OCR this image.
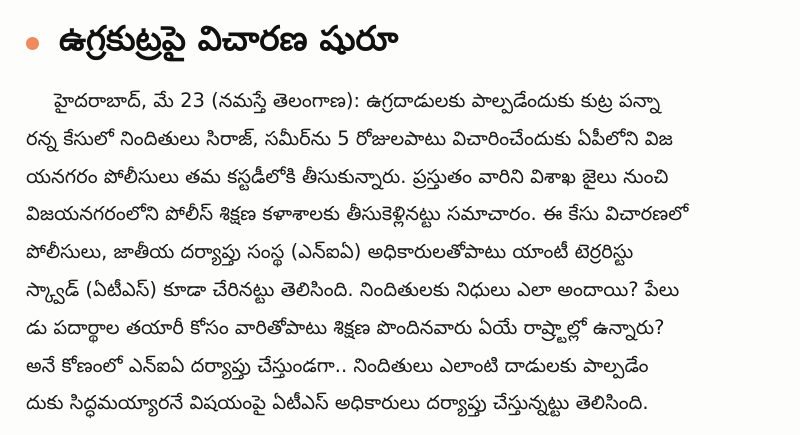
ఉగ్రకుట్రపై విచారణ షురూ
హైదరాబాద్, మే 23 (నమస్తే తెలంగాణ): ఉగ్రదాడులకు పాల్పడేందుకు కుట్ర పన్నా
రన్న కేసులో నిందితులు సిరాజ్, సమీర్‌ను 5 రోజులపాటు విచారించేందుకు ఏపీలోని విజ
యనగరం పోలీసులు తమ కస్టడీలోకి తీసుకున్నారు. ప్రస్తుతం వారిని విశాఖ జైలు నుంచి
విజయనగరంలోని పోలీస్ శిక్షణ కళాశాలకు తీసుకెళ్లినట్టు సమాచారం. ఈ కేసు విచారణలో
పోలీసులు, జాతీయ దర్యాప్తు సంస్థ (ఎన్‌ఐఏ) అధికారులతోపాటు యాంటీ టెర్రరిస్టు
స్క్వాడ్ (ఏటీఎస్) కూడా చేరినట్టు తెలిసింది. నిందితులకు నిధులు ఎలా అందాయి? పేలు
డు పదార్థాల తయారీ కోసం వారితోపాటు శిక్షణ పొందినవారు ఏయే రాష్ర్టాల్లో ఉన్నారు?
అనే కోణంలో ఎన్‌ఐఏ దర్యాప్తు చేస్తుండగా.. నిందితులు ఎలాంటి దాడులకు పాల్పడేం
దుకు సిద్ధమయ్యారనే విషయంపై ఏటీఎస్ అధికారులు దర్యాప్తు చేస్తున్నట్టు తెలిసింది.
